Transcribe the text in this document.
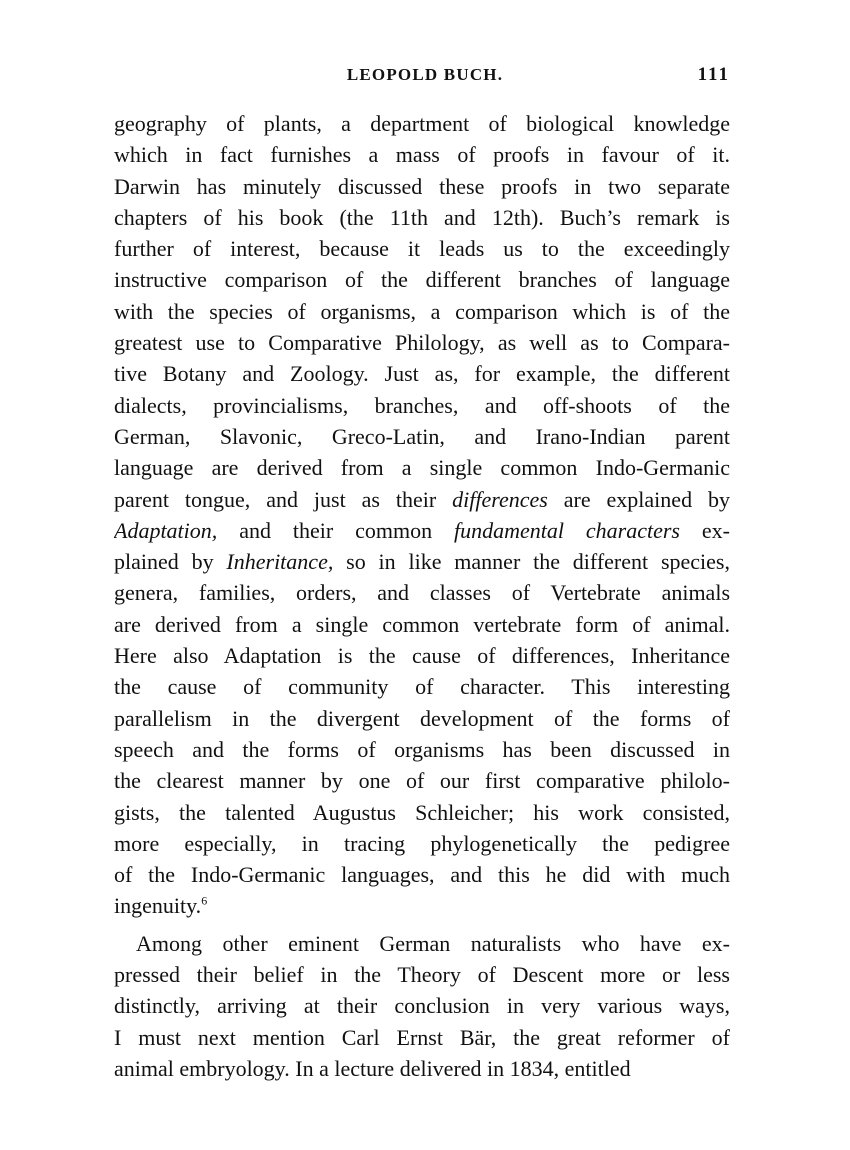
LEOPOLD BUCH.	111
geography of plants, a department of biological knowledge
which in fact furnishes a mass of proofs in favour of it.
Darwin has minutely discussed these proofs in two separate
chapters of his book (the 11th and 12th). Buch’s remark is
further of interest, because it leads us to the exceedingly
instructive comparison of the different branches of language
with the species of organisms, a comparison which is of the
greatest use to Comparative Philology, as well as to Compara-
tive Botany and Zoology. Just as, for example, the different
dialects, provincialisms, branches, and off-shoots of the
German, Slavonic, Greco-Latin, and Irano-Indian parent
language are derived from a single common Indo-Germanic
parent tongue, and just as their differences are explained by
Adaptation, and their common fundamental characters ex-
plained by Inheritance, so in like manner the different species,
genera, families, orders, and classes of Vertebrate animals
are derived from a single common vertebrate form of animal.
Here also Adaptation is the cause of differences, Inheritance
the cause of community of character. This interesting
parallelism in the divergent development of the forms of
speech and the forms of organisms has been discussed in
the clearest manner by one of our first comparative philolo-
gists, the talented Augustus Schleicher; his work consisted,
more especially, in tracing phylogenetically the pedigree
of the Indo-Germanic languages, and this he did with much
ingenuity.$^6$
Among other eminent German naturalists who have ex-
pressed their belief in the Theory of Descent more or less
distinctly, arriving at their conclusion in very various ways,
I must next mention Carl Ernst Bär, the great reformer of
animal embryology. In a lecture delivered in 1834, entitled
